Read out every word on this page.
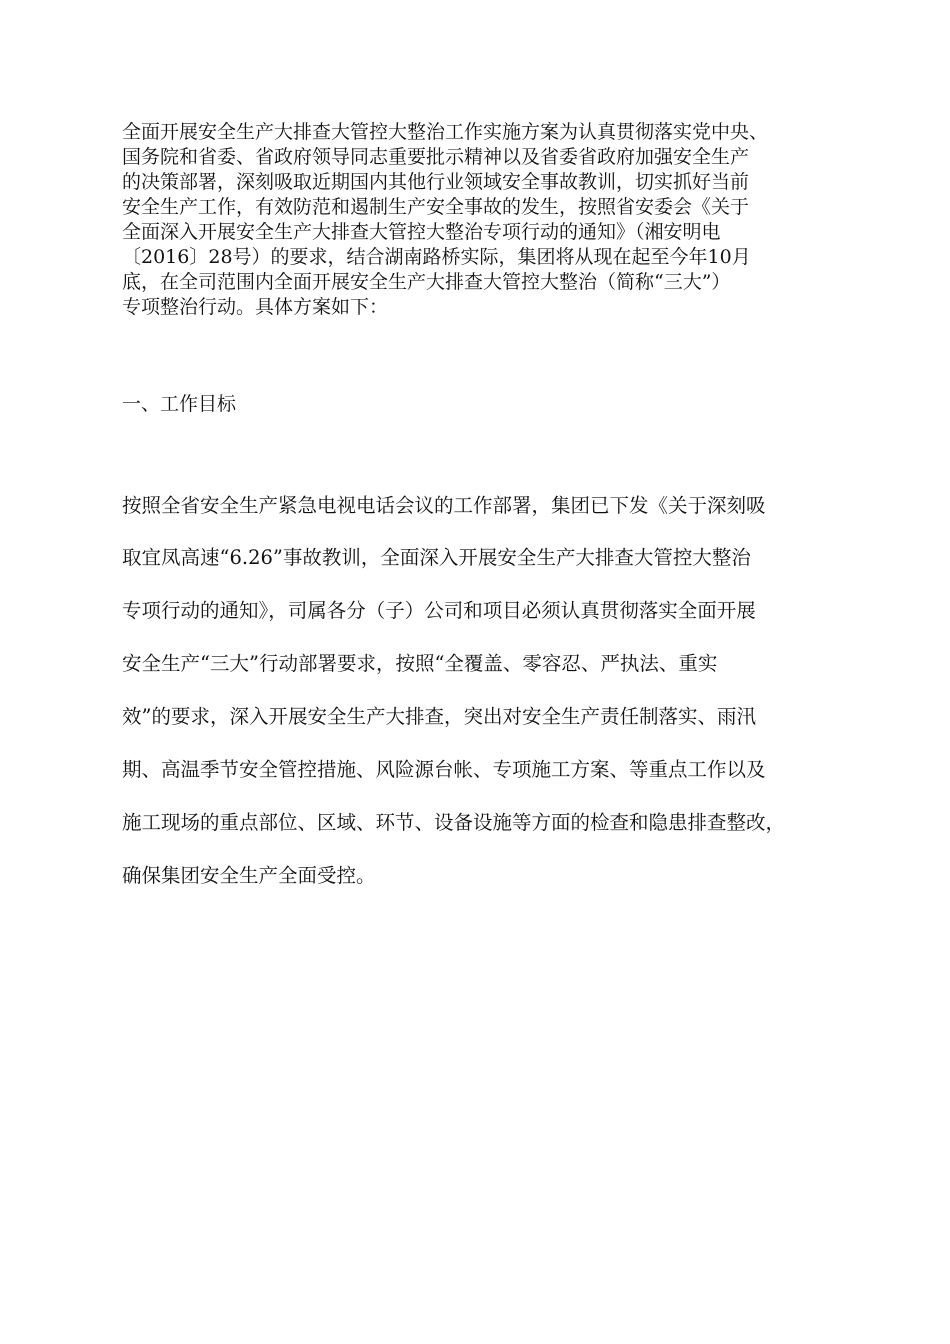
全面开展安全生产大排查大管控大整治工作实施方案为认真贯彻落实党中央、
国务院和省委、省政府领导同志重要批示精神以及省委省政府加强安全生产
的决策部署，深刻吸取近期国内其他行业领域安全事故教训，切实抓好当前
安全生产工作，有效防范和遏制生产安全事故的发生，按照省安委会《关于
全面深入开展安全生产大排查大管控大整治专项行动的通知》（湘安明电
〔2016〕28号）的要求，结合湖南路桥实际，集团将从现在起至今年10月
底，在全司范围内全面开展安全生产大排查大管控大整治（简称“三大”）
专项整治行动。具体方案如下：
一、工作目标
按照全省安全生产紧急电视电话会议的工作部署，集团已下发《关于深刻吸
取宜凤高速“6.26”事故教训，全面深入开展安全生产大排查大管控大整治
专项行动的通知》，司属各分（子）公司和项目必须认真贯彻落实全面开展
安全生产“三大”行动部署要求，按照“全覆盖、零容忍、严执法、重实
效”的要求，深入开展安全生产大排查，突出对安全生产责任制落实、雨汛
期、高温季节安全管控措施、风险源台帐、专项施工方案、等重点工作以及
施工现场的重点部位、区域、环节、设备设施等方面的检查和隐患排查整改，
确保集团安全生产全面受控。
